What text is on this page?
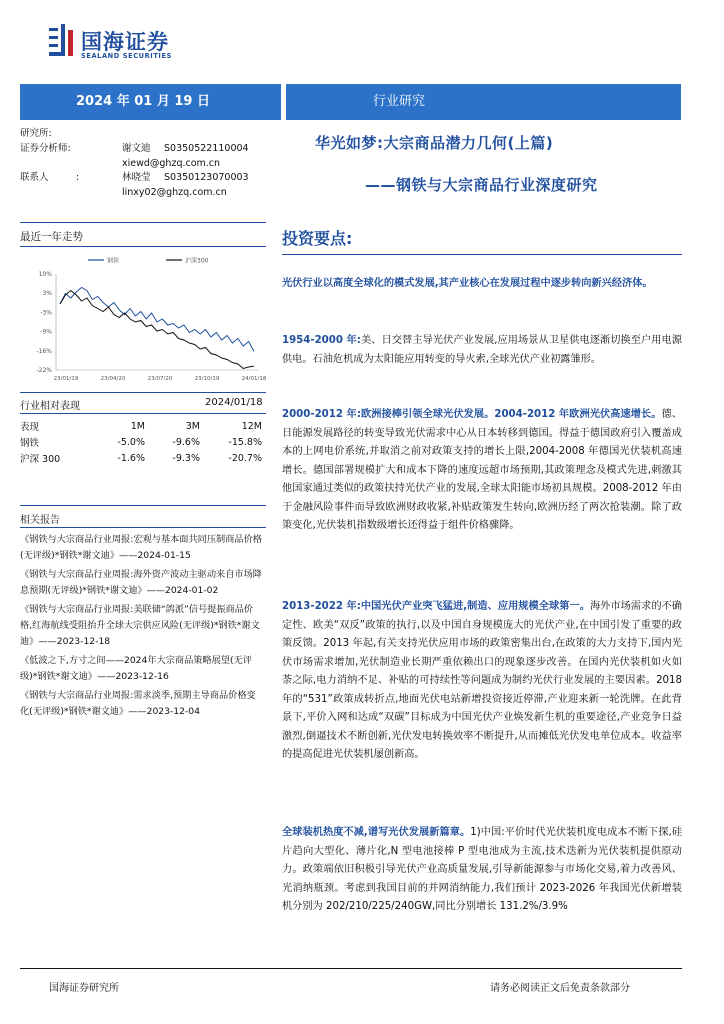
国海证券
SEALAND SECURITIES
2024 年 01 月 19 日	行业研究
研究所:
证券分析师:	谢文迪 S0350522110004
xiewd@ghzq.com.cn
联系人	:	林晓莹 S0350123070003
linxy02@ghzq.com.cn
华光如梦:大宗商品潜力几何(上篇)
——钢铁与大宗商品行业深度研究
最近一年走势
钢铁	沪深300
10%
3%
-3%
-9%
-16%
-22%
23/01/19	23/04/20	23/07/20	23/10/19	24/01/18
行业相对表现	2024/01/18
表现	1M	3M	12M
钢铁	-5.0%	-9.6%	-15.8%
沪深 300	-1.6%	-9.3%	-20.7%
相关报告

《钢铁与大宗商品行业周报:宏观与基本面共同压制商品价格(无评级)*钢铁*谢文迪》——2024-01-15

《钢铁与大宗商品行业周报:海外资产波动主驱动来自市场降息预期(无评级)*钢铁*谢文迪》——2024-01-02

《钢铁与大宗商品行业周报:美联储“鸽派”信号提振商品价格,红海航线受阻抬升全球大宗供应风险(无评级)*钢铁*谢文迪》——2023-12-18

《低波之下,方寸之间——2024年大宗商品策略展望(无评级)*钢铁*谢文迪》——2023-12-16

《钢铁与大宗商品行业周报:需求淡季,预期主导商品价格变化(无评级)*钢铁*谢文迪》——2023-12-04

投资要点:
光伏行业以高度全球化的模式发展,其产业核心在发展过程中逐步转向新兴经济体。
1954-2000 年:美、日交替主导光伏产业发展,应用场景从卫星供电逐渐切换至户用电源供电。石油危机成为太阳能应用转变的导火索,全球光伏产业初露雏形。
2000-2012 年:欧洲接棒引领全球光伏发展。2004-2012 年欧洲光伏高速增长。德、日能源发展路径的转变导致光伏需求中心从日本转移到德国。得益于德国政府引入覆盖成本的上网电价系统,并取消之前对政策支持的增长上限,2004-2008 年德国光伏装机高速增长。德国部署规模扩大和成本下降的速度远超市场预期,其政策理念及模式先进,刺激其他国家通过类似的政策扶持光伏产业的发展,全球太阳能市场初具规模。2008-2012 年由于金融风险事件而导致欧洲财政收紧,补贴政策发生转向,欧洲历经了两次抢装潮。除了政策变化,光伏装机指数级增长还得益于组件价格骤降。
2013-2022 年:中国光伏产业突飞猛进,制造、应用规模全球第一。海外市场需求的不确定性、欧美“双反”政策的执行,以及中国自身规模庞大的光伏产业,在中国引发了重要的政策反馈。2013 年起,有关支持光伏应用市场的政策密集出台,在政策的大力支持下,国内光伏市场需求增加,光伏制造业长期严重依赖出口的现象逐步改善。在国内光伏装机如火如荼之际,电力消纳不足、补贴的可持续性等问题成为制约光伏行业发展的主要因素。2018 年的“531”政策成转折点,地面光伏电站新增投资接近停滞,产业迎来新一轮洗牌。在此背景下,平价入网和达成“双碳”目标成为中国光伏产业焕发新生机的重要途径,产业竞争日益激烈,倒逼技术不断创新,光伏发电转换效率不断提升,从而摊低光伏发电单位成本。收益率的提高促进光伏装机屡创新高。
全球装机热度不减,谱写光伏发展新篇章。1)中国:平价时代光伏装机度电成本不断下探,硅片趋向大型化、薄片化,N 型电池接棒 P 型电池成为主流,技术迭新为光伏装机提供原动力。政策端依旧积极引导光伏产业高质量发展,引导新能源参与市场化交易,着力改善风、光消纳瓶颈。考虑到我国目前的并网消纳能力,我们预计 2023-2026 年我国光伏新增装机分别为 202/210/225/240GW,同比分别增长 131.2%/3.9%
国海证券研究所	请务必阅读正文后免责条款部分
